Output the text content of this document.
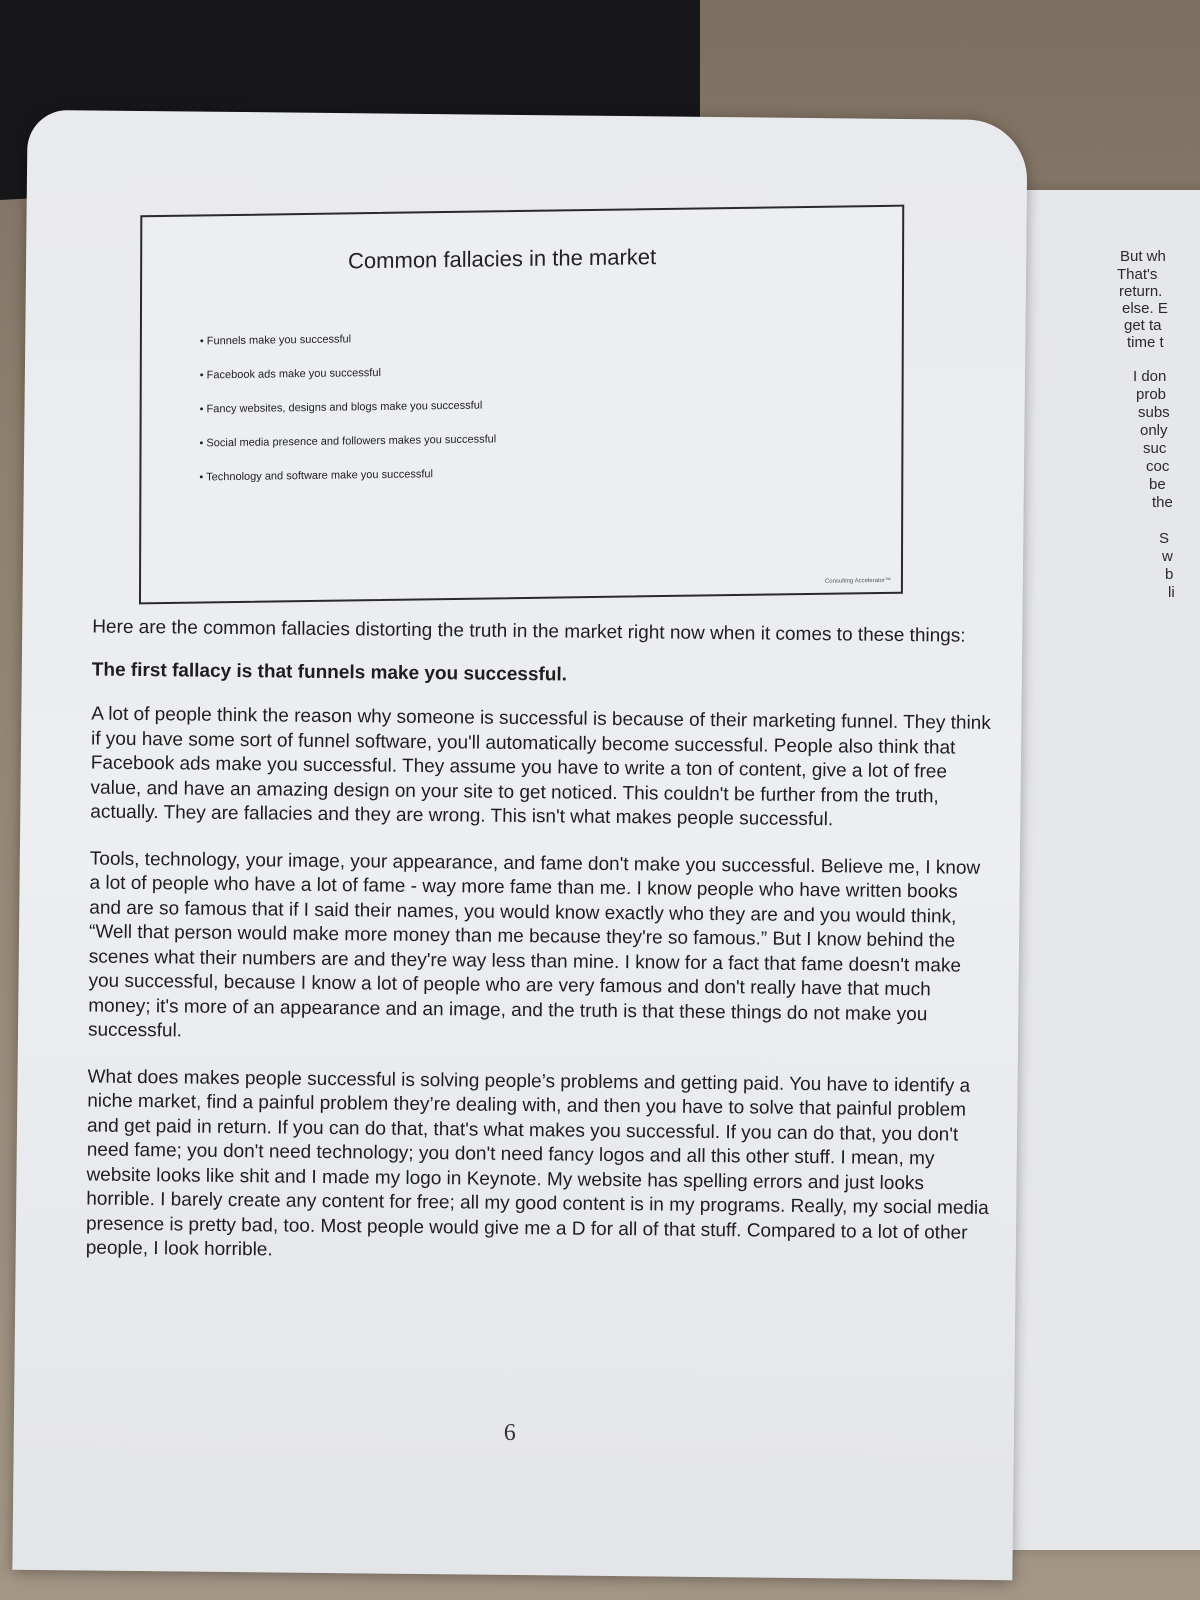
But wh
That's
return.
else. E
get ta
time t
I don
prob
subs
only
suc
coc
be
the
S
w
b
li
Common fallacies in the market
• Funnels make you successful
• Facebook ads make you successful
• Fancy websites, designs and blogs make you successful
• Social media presence and followers makes you successful
• Technology and software make you successful
Consulting Accelerator™

Here are the common fallacies distorting the truth in the market right now when it comes to these things:

The first fallacy is that funnels make you successful.

A lot of people think the reason why someone is successful is because of their marketing funnel. They think if you have some sort of funnel software, you'll automatically become successful. People also think that Facebook ads make you successful. They assume you have to write a ton of content, give a lot of free value, and have an amazing design on your site to get noticed. This couldn't be further from the truth, actually. They are fallacies and they are wrong. This isn't what makes people successful.

Tools, technology, your image, your appearance, and fame don't make you successful. Believe me, I know a lot of people who have a lot of fame - way more fame than me. I know people who have written books and are so famous that if I said their names, you would know exactly who they are and you would think, “Well that person would make more money than me because they're so famous.” But I know behind the scenes what their numbers are and they're way less than mine. I know for a fact that fame doesn't make you successful, because I know a lot of people who are very famous and don't really have that much money; it's more of an appearance and an image, and the truth is that these things do not make you successful.

What does makes people successful is solving people’s problems and getting paid. You have to identify a niche market, find a painful problem they’re dealing with, and then you have to solve that painful problem and get paid in return. If you can do that, that's what makes you successful. If you can do that, you don't need fame; you don't need technology; you don't need fancy logos and all this other stuff. I mean, my website looks like shit and I made my logo in Keynote. My website has spelling errors and just looks horrible. I barely create any content for free; all my good content is in my programs. Really, my social media presence is pretty bad, too. Most people would give me a D for all of that stuff. Compared to a lot of other people, I look horrible.

6
